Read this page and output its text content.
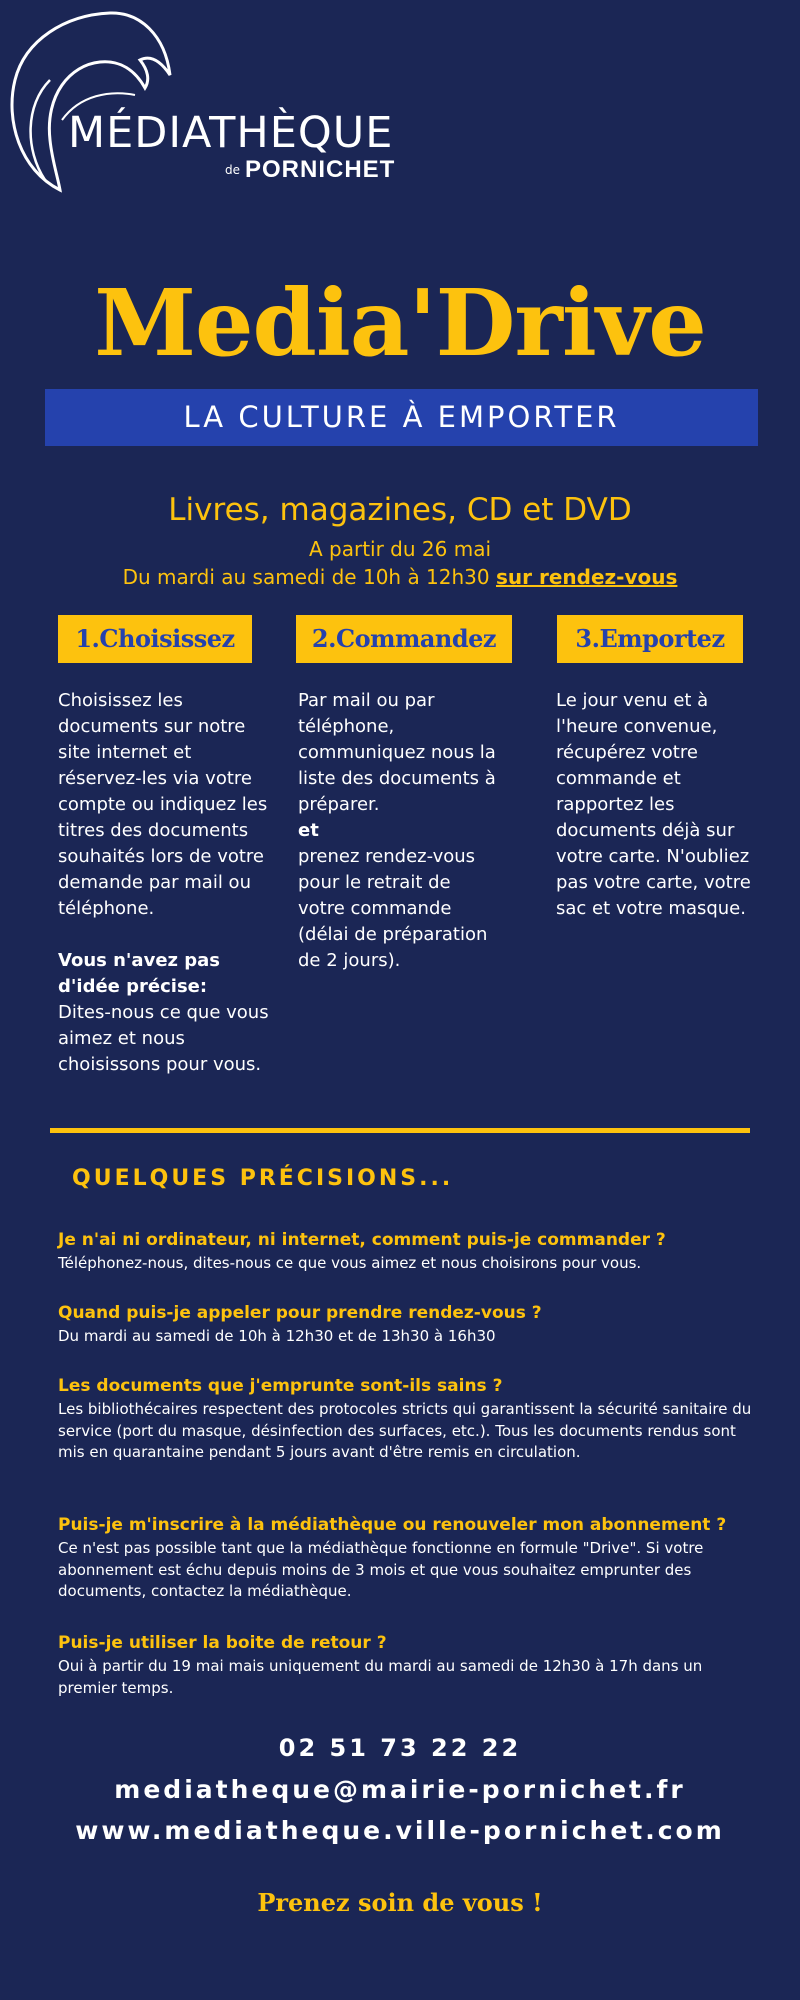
MÉDIATHÈQUE
de PORNICHET
Media'Drive
LA CULTURE À EMPORTER
Livres, magazines, CD et DVD
A partir du 26 mai
Du mardi au samedi de 10h à 12h30 sur rendez-vous
1.Choisissez	2.Commandez	3.Emportez

Choisissez les

documents sur notre

site internet et

réservez-les via votre

compte ou indiquez les

titres des documents

souhaités lors de votre

demande par mail ou

téléphone.

Vous n'avez pas d'idée précise:

Dites-nous ce que vous aimez et nous choisissons pour vous.

Par mail ou par téléphone, communiquez nous la liste des documents à préparer.

et

prenez rendez-vous pour le retrait de votre commande (délai de préparation de 2 jours).

Le jour venu et à l'heure convenue, récupérez votre commande et rapportez les documents déjà sur votre carte. N'oubliez pas votre carte, votre sac et votre masque.

QUELQUES PRÉCISIONS...
Je n'ai ni ordinateur, ni internet, comment puis-je commander ?
Téléphonez-nous, dites-nous ce que vous aimez et nous choisirons pour vous.
Quand puis-je appeler pour prendre rendez-vous ?
Du mardi au samedi de 10h à 12h30 et de 13h30 à 16h30
Les documents que j'emprunte sont-ils sains ?
Les bibliothécaires respectent des protocoles stricts qui garantissent la sécurité sanitaire du service (port du masque, désinfection des surfaces, etc.). Tous les documents rendus sont mis en quarantaine pendant 5 jours avant d'être remis en circulation.
Puis-je m'inscrire à la médiathèque ou renouveler mon abonnement ?
Ce n'est pas possible tant que la médiathèque fonctionne en formule "Drive". Si votre abonnement est échu depuis moins de 3 mois et que vous souhaitez emprunter des documents, contactez la médiathèque.
Puis-je utiliser la boite de retour ?
Oui à partir du 19 mai mais uniquement du mardi au samedi de 12h30 à 17h dans un premier temps.
02 51 73 22 22
mediatheque@mairie-pornichet.fr
www.mediatheque.ville-pornichet.com
Prenez soin de vous !
